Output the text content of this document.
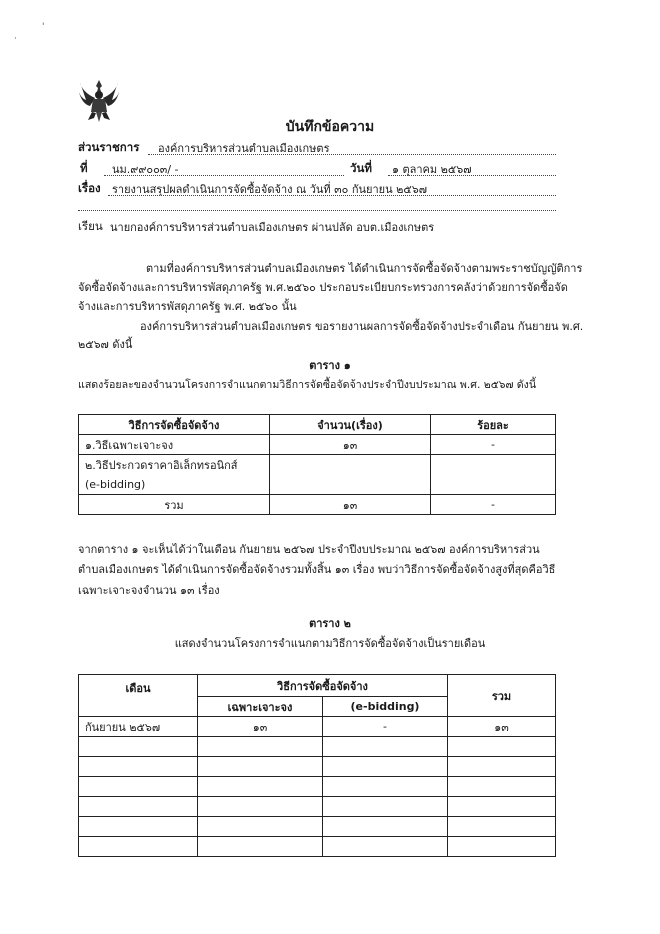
·
'
บันทึกข้อความ
ส่วนราชการ องค์การบริหารส่วนตำบลเมืองเกษตร
ที่ นม.๙๙๐๐๓/ -	วันที่ ๑ ตุลาคม ๒๕๖๗
เรื่อง รายงานสรุปผลดำเนินการจัดซื้อจัดจ้าง ณ วันที่ ๓๐ กันยายน ๒๕๖๗
เรียน นายกองค์การบริหารส่วนตำบลเมืองเกษตร ผ่านปลัด อบต.เมืองเกษตร
ตามที่องค์การบริหารส่วนตำบลเมืองเกษตร ได้ดำเนินการจัดซื้อจัดจ้างตามพระราชบัญญัติการ
จัดซื้อจัดจ้างและการบริหารพัสดุภาครัฐ พ.ศ.๒๕๖๐ ประกอบระเบียบกระทรวงการคลังว่าด้วยการจัดซื้อจัด
จ้างและการบริหารพัสดุภาครัฐ พ.ศ. ๒๕๖๐ นั้น
องค์การบริหารส่วนตำบลเมืองเกษตร ขอรายงานผลการจัดซื้อจัดจ้างประจำเดือน กันยายน พ.ศ.
๒๕๖๗ ดังนี้
ตาราง ๑
แสดงร้อยละของจำนวนโครงการจำแนกตามวิธีการจัดซื้อจัดจ้างประจำปีงบประมาณ พ.ศ. ๒๕๖๗ ดังนี้
วิธีการจัดซื้อจัดจ้าง	จำนวน(เรื่อง)	ร้อยละ
๑.วิธีเฉพาะเจาะจง	๑๓	-

๒.วิธีประกวดราคาอิเล็กทรอนิกส์
(e-bidding)		

รวม	๑๓	-
จากตาราง ๑ จะเห็นได้ว่าในเดือน กันยายน ๒๕๖๗ ประจำปีงบประมาณ ๒๕๖๗ องค์การบริหารส่วน
ตำบลเมืองเกษตร ได้ดำเนินการจัดซื้อจัดจ้างรวมทั้งสิ้น ๑๓ เรื่อง พบว่าวิธีการจัดซื้อจัดจ้างสูงที่สุดคือวิธี
เฉพาะเจาะจงจำนวน ๑๓ เรื่อง
ตาราง ๒
แสดงจำนวนโครงการจำแนกตามวิธีการจัดซื้อจัดจ้างเป็นรายเดือน
เดือน	วิธีการจัดซื้อจัดจ้าง		รวม
	เฉพาะเจาะจง	(e-bidding)	
กันยายน ๒๕๖๗	๑๓	-	๑๓
